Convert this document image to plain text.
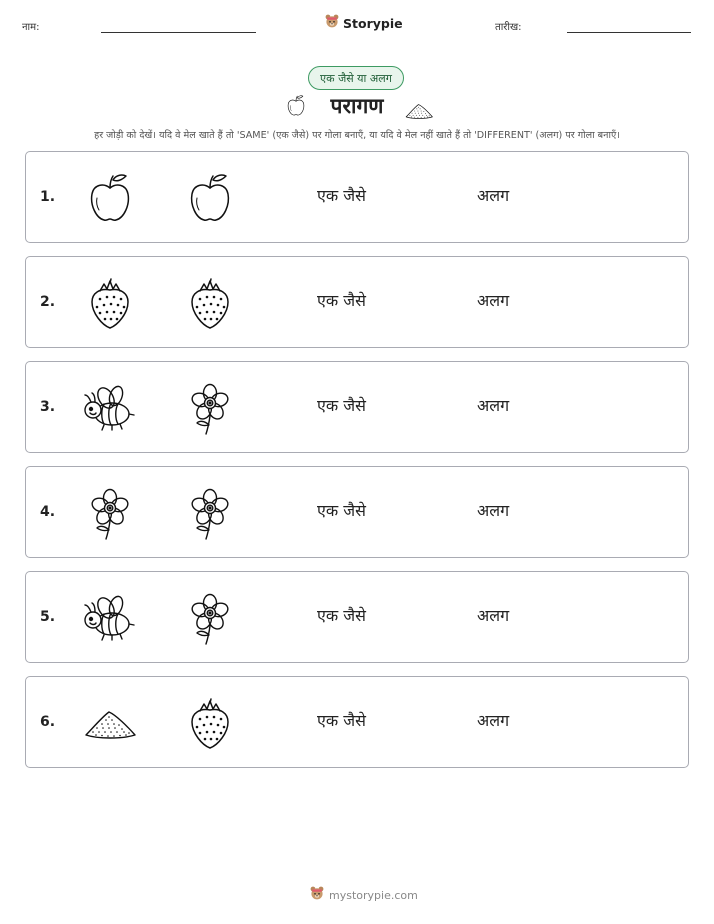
नाम:	Storypie	तारीख:
एक जैसे या अलग
परागण
हर जोड़ी को देखें। यदि वे मेल खाते हैं तो 'SAME' (एक जैसे) पर गोला बनाएँ, या यदि वे मेल नहीं खाते हैं तो 'DIFFERENT' (अलग) पर गोला बनाएँ।
1.	एक जैसे	अलग
2.	एक जैसे	अलग
3.	एक जैसे	अलग
4.	एक जैसे	अलग
5.	एक जैसे	अलग
6.	एक जैसे	अलग
mystorypie.com
